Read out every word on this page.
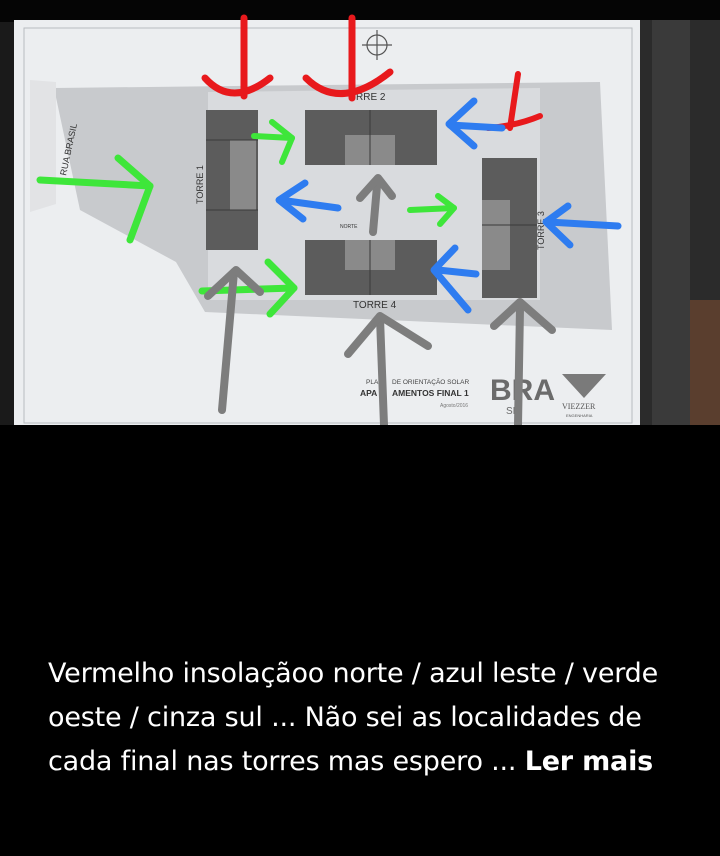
RUA BRASIL
TORRE 1
RRE 2
TORRE 3
TORRE 4
NORTE
PLA DE ORIENTAÇÃO SOLAR
APA AMENTOS FINAL 1
Agosto/2016 BRA
SIL	VIEZZER
ENGENHARIA
Vermelho insolaçãoo norte / azul leste / verde oeste / cinza sul ... Não sei as localidades de cada final nas torres mas espero ... Ler mais
